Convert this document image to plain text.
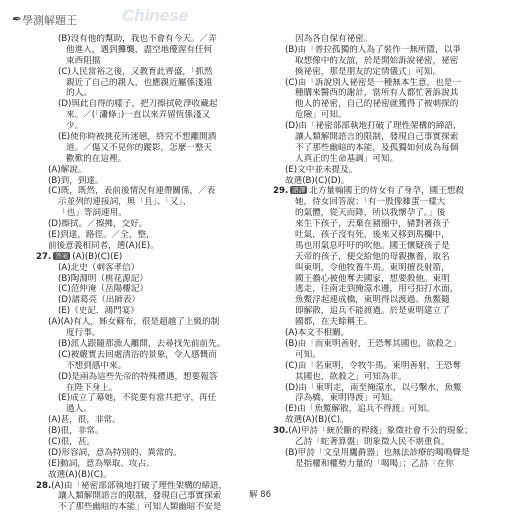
✒ 學測解題王	Chinese
(B)沒有他的幫助，我也不會有今天。／弄
他進入，遇到攤襲，盡空地優渥有任何
束西阻擋
(C)人民當裕之後，又教育此齊盛，「抓然
親近了自己的親人，也應親近屬係淺遠
的人。
(D)與此自得的樣子，把刀擦拭乾淨收藏起
來。／(「瀟條」)一直以來弄留恆係淺又
少。
(E)使你時被挑花所迷戀，終究不想離開酒
道。／傷又不見你的蹤影，怎麼一整天
歡歎的在這裡。
(A)解說。
(B)到，到達。
(C)既，既然，表前後情況有連帶關係，／表
示並列的連接詞，與「且」、「又」、
「也」等詞連用。
(D)擦拭。／擦拂，交好。
(E)到達，路徑。／全，整，
前後意義相同者，選(A)(E)。
27. 答案 (A)(B)(C)(E)
(A)北史（刺客孝信）
(B)陶淵明（桃花源記）
(C)范仲淹（岳陽樓記）
(D)諸葛亮（出師表）
(E)《史記．鴻門宴》
(A)(A)有人，姊女蘇布，很是超越了上級的制
度行事。
(B)派人跟隨那漁人離開，去尋找先前前先。
(C)被嚴實去回處清浴的景象，令人感慨而
不想到感中來。
(D)是兩為這些先帝的特殊禮遇，想要報答
在陛下身上。
(E)成立了幕她，不從要有當共把守，再任
過人。
(A)甚，很，非常。
(B)很，非常。
(C)很，甚。
(D)形容詞，意為特別的、異常的。
(E)動詞，意為舉取、攻占。
故選(A)(B)(C)。
28.(A)由「祕密部部執地打破了理性架構的締語，
讓人類解開語言的限制，發現自己事實探索
不了那些幽暗的本能」可知人類幽暗不安是
因為各自保有祕密。
(B)由「普拉孤獨的人為了裝作一無所隱，以爭
取想像中的友誼，於是開始訴說祕密，祕密
換祕密，那是朋友的定情儀式」可知。
(C)由「訴說別人祕密是一種無本生意，也是一
種購來醫西的謝計，當所有人都忙著訴說其
他人的祕密，自己的祕密就獲得了被刺探的
危險」可知。
(D)由「祕密部部執地打破了理性架構的締語，
讓人類解開語言的限制，發現自己事實探索
不了那些幽暗的本能，及孤獨如何成為每個
人真正的生命基調」可知。
(E)文中並未提及。
故選(B)(C)(D)。
29. 語譯 北方量翰國王的侍女有了身孕，國王想殺
她，侍女回答說：「有一股像雞蛋一樣大
的氣體，從天而降，所以我懷孕了。」後
來生下孩子，丟棄在豬圈中，豬對著孩子
吐氣，孩子沒有死，後來又移到馬欄中，
馬也用氣息吁吁的吹他。國王懷疑孩子是
天帝的孩子，便交給他的母親撫養，取名
叫東明，令他牧養牛馬。東明擅長射箭，
國王擔心被他奪去國家，想要殺他。東明
逃走，往南走到掩澨水邊，用弓拍打水面，
魚鱉浮起連成橋，東明得以渡過。魚鱉隨
即解散，追兵不能渡過。於是東明建立了
國都，在夫餘稱王。
(A)本文不相關。
(B)由「而東明善射，王恐奪其國也，欲殺之」
可知。
(C)由「名東明，令牧牛馬。東明善射，王恐奪
其國也，欲殺之」可知為非。
(D)由「東明走，南至掩澨水，以弓擊水，魚鱉
浮為橋，東明得渡」可知。
(E)由「魚鱉解散，追兵不得渡」可知。
故選(A)(B)(C)。
30.(A)甲詩「統於斷的桿錢」象徵社會不公的現象；
乙詩「蛇著算盤」則象徵人民不堪重負。
(B)甲詩「文皇用鷹爵器」也無法診療的喝鳴聲是
是指權和權勢力量的「喝喝」；乙詩「在你
解 86
